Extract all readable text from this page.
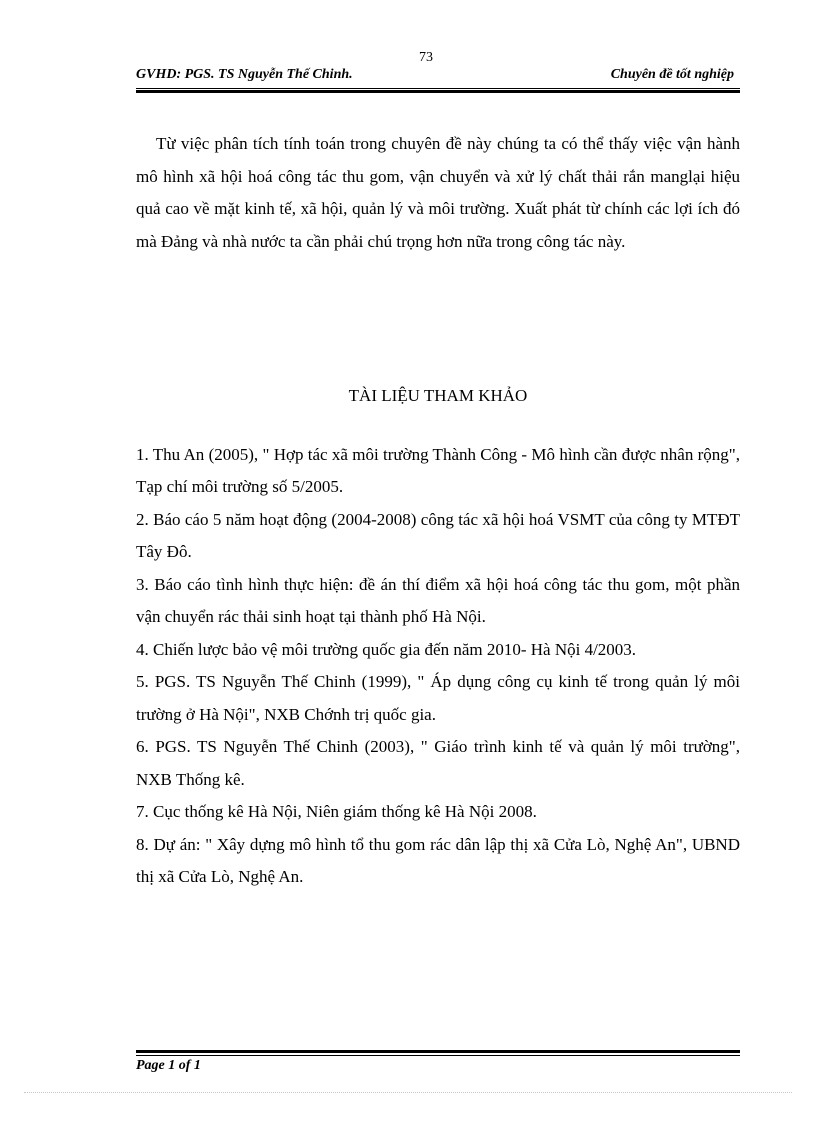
73
GVHD: PGS. TS Nguyễn Thế Chinh.	Chuyên đề tốt nghiệp

Từ việc phân tích tính toán trong chuyên đề này chúng ta có thể thấy việc vận hành mô hình xã hội hoá công tác thu gom, vận chuyển và xử lý chất thải rắn manglại hiệu quả cao về mặt kinh tế, xã hội, quản lý và môi trường. Xuất phát từ chính các lợi ích đó mà Đảng và nhà nước ta cần phải chú trọng hơn nữa trong công tác này.

TÀI LIỆU THAM KHẢO

1. Thu An (2005), " Hợp tác xã môi trường Thành Công - Mô hình cần được nhân rộng", Tạp chí môi trường số 5/2005.

2. Báo cáo 5 năm hoạt động (2004-2008) công tác xã hội hoá VSMT của công ty MTĐT Tây Đô.

3. Báo cáo tình hình thực hiện: đề án thí điểm xã hội hoá công tác thu gom, một phần vận chuyển rác thải sinh hoạt tại thành phố Hà Nội.

4. Chiến lược bảo vệ môi trường quốc gia đến năm 2010- Hà Nội 4/2003.

5. PGS. TS Nguyễn Thế Chinh (1999), " Áp dụng công cụ kinh tế trong quản lý môi trường ở Hà Nội", NXB Chớnh trị quốc gia.

6. PGS. TS Nguyễn Thế Chinh (2003), " Giáo trình kinh tế và quản lý môi trường", NXB Thống kê.

7. Cục thống kê Hà Nội, Niên giám thống kê Hà Nội 2008.

8. Dự án: " Xây dựng mô hình tổ thu gom rác dân lập thị xã Cửa Lò, Nghệ An", UBND thị xã Cửa Lò, Nghệ An.

Page 1 of 1
